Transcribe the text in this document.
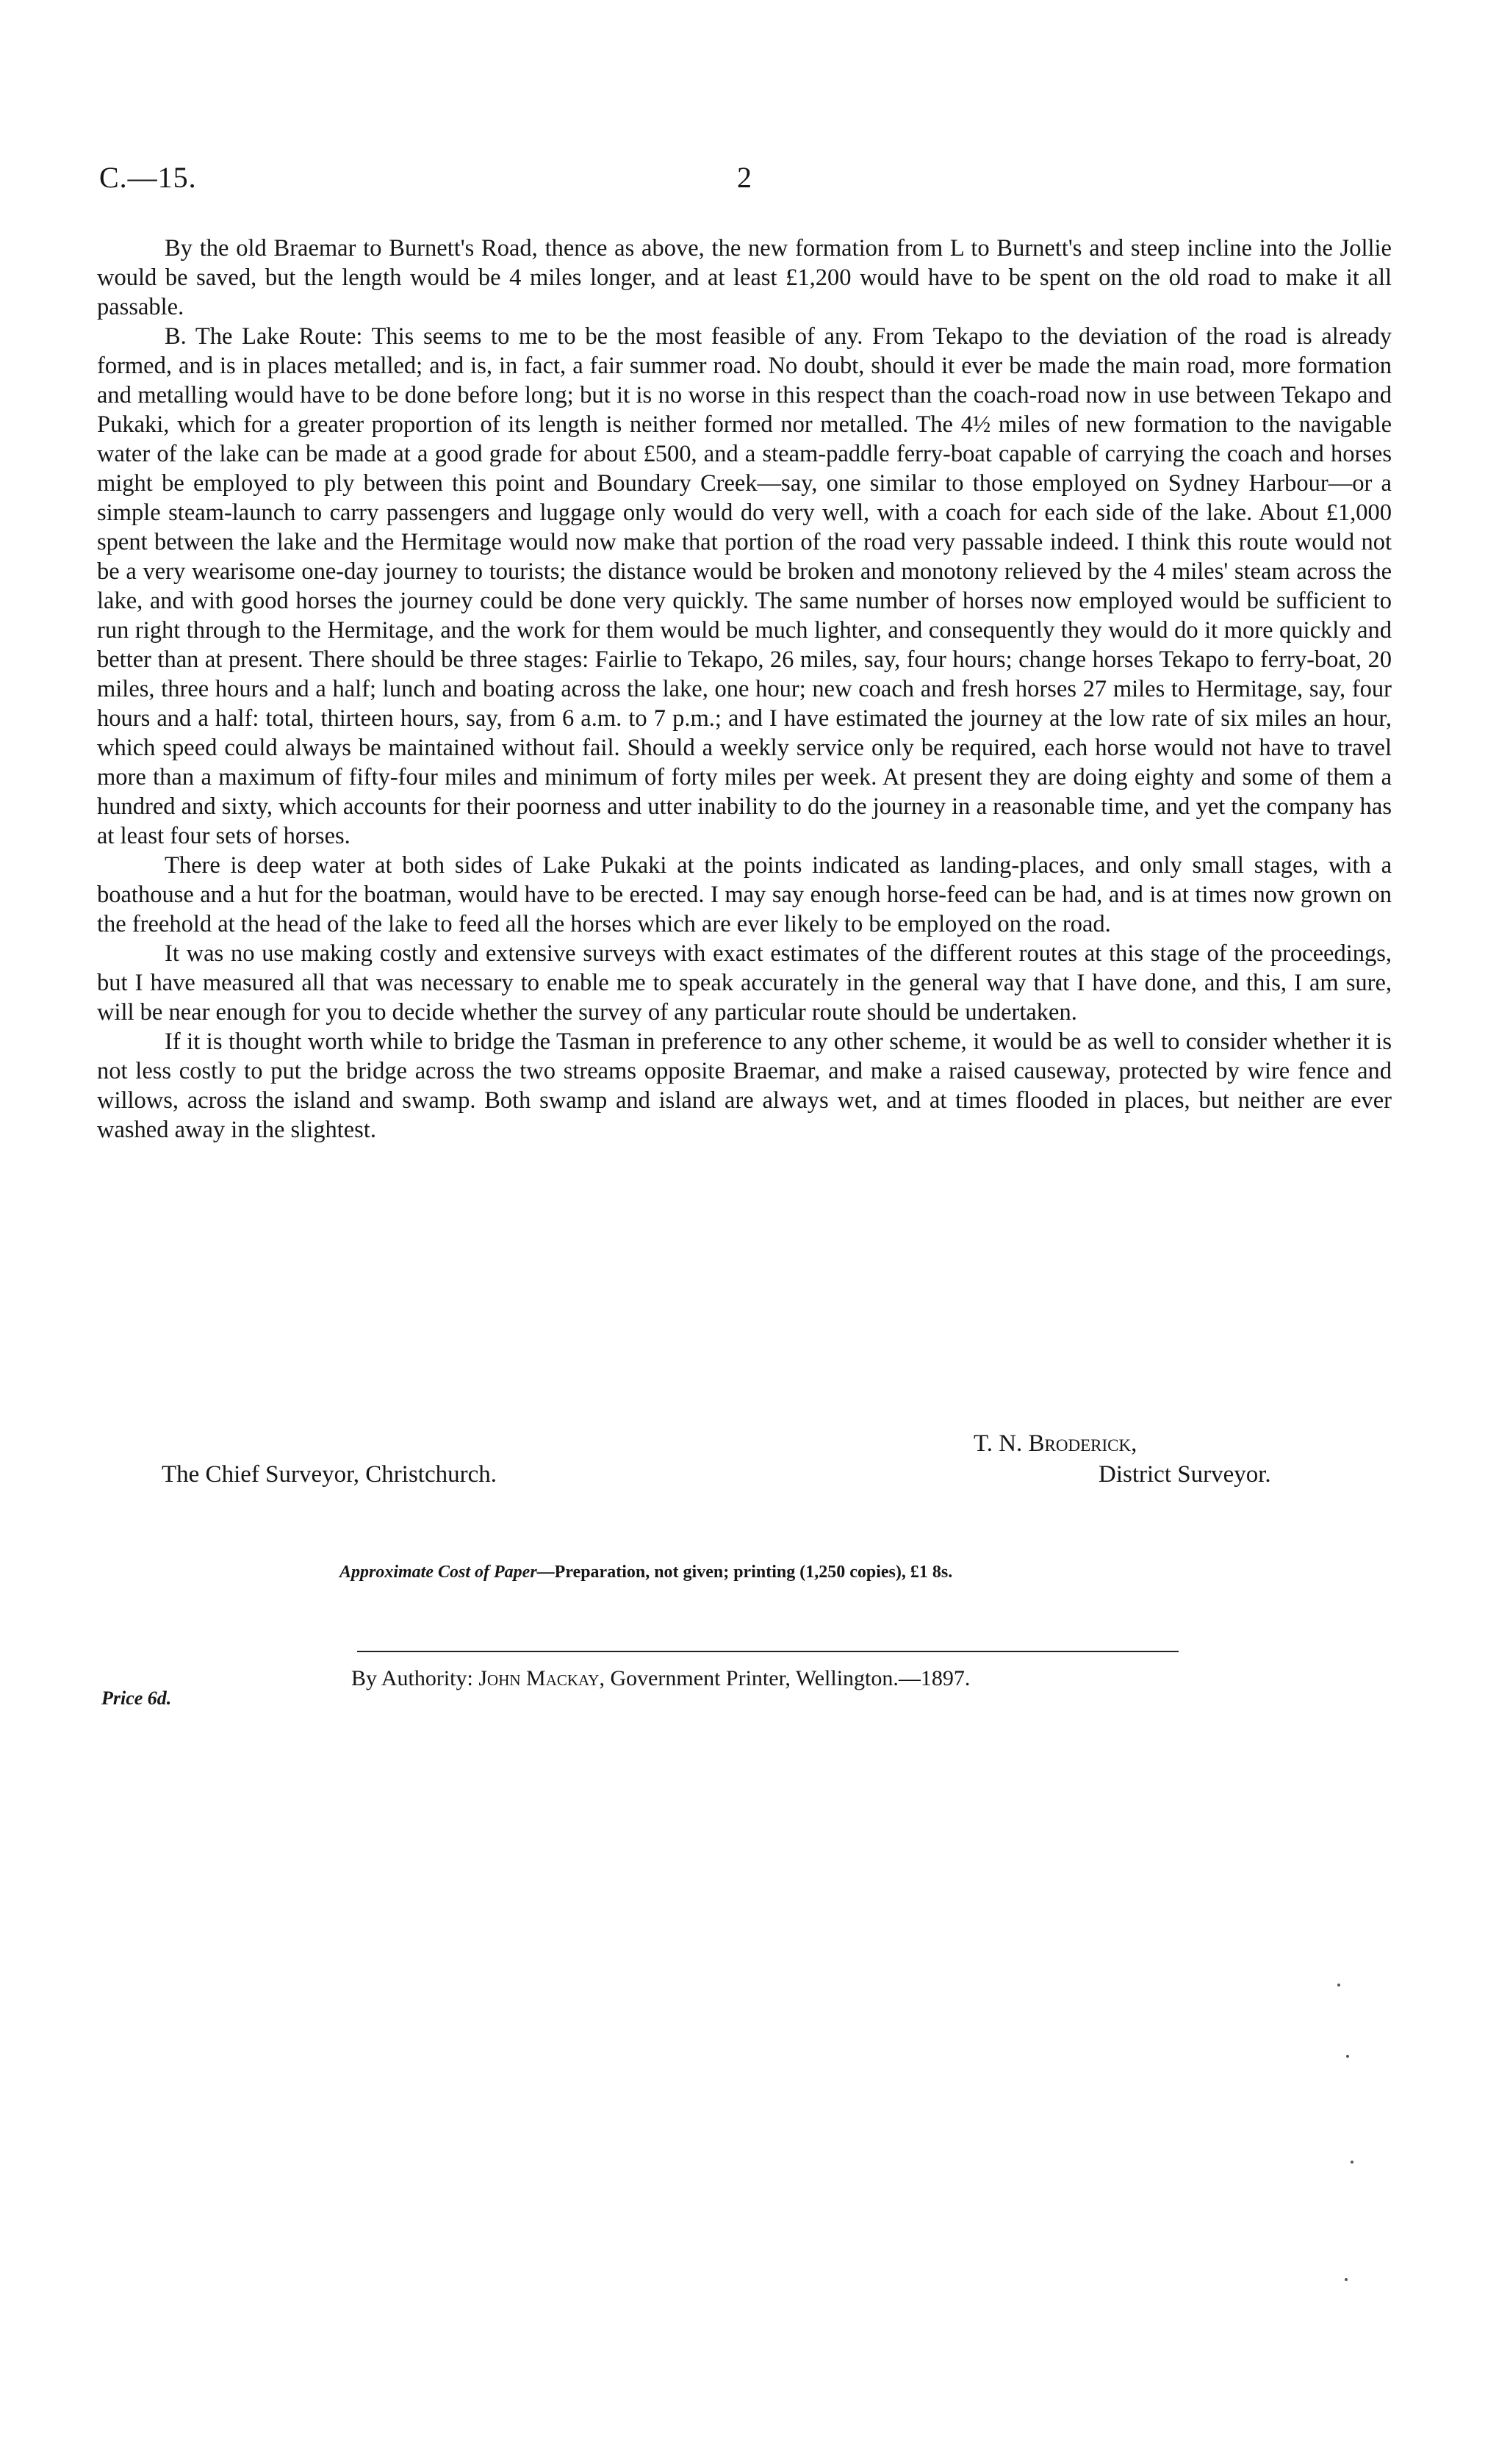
C.—15.	2

By the old Braemar to Burnett's Road, thence as above, the new formation from L to Burnett's and steep incline into the Jollie would be saved, but the length would be 4 miles longer, and at least £1,200 would have to be spent on the old road to make it all passable.

B. The Lake Route: This seems to me to be the most feasible of any. From Tekapo to the deviation of the road is already formed, and is in places metalled; and is, in fact, a fair summer road. No doubt, should it ever be made the main road, more formation and metalling would have to be done before long; but it is no worse in this respect than the coach-road now in use between Tekapo and Pukaki, which for a greater proportion of its length is neither formed nor metalled. The 4½ miles of new formation to the navigable water of the lake can be made at a good grade for about £500, and a steam-paddle ferry-boat capable of carrying the coach and horses might be employed to ply between this point and Boundary Creek—say, one similar to those employed on Sydney Harbour—or a simple steam-launch to carry passengers and luggage only would do very well, with a coach for each side of the lake. About £1,000 spent between the lake and the Hermitage would now make that portion of the road very passable indeed. I think this route would not be a very wearisome one-day journey to tourists; the distance would be broken and monotony relieved by the 4 miles' steam across the lake, and with good horses the journey could be done very quickly. The same number of horses now employed would be sufficient to run right through to the Hermitage, and the work for them would be much lighter, and consequently they would do it more quickly and better than at present. There should be three stages: Fairlie to Tekapo, 26 miles, say, four hours; change horses Tekapo to ferry-boat, 20 miles, three hours and a half; lunch and boating across the lake, one hour; new coach and fresh horses 27 miles to Hermitage, say, four hours and a half: total, thirteen hours, say, from 6 a.m. to 7 p.m.; and I have estimated the journey at the low rate of six miles an hour, which speed could always be maintained without fail. Should a weekly service only be required, each horse would not have to travel more than a maximum of fifty-four miles and minimum of forty miles per week. At present they are doing eighty and some of them a hundred and sixty, which accounts for their poorness and utter inability to do the journey in a reasonable time, and yet the company has at least four sets of horses.

There is deep water at both sides of Lake Pukaki at the points indicated as landing-places, and only small stages, with a boathouse and a hut for the boatman, would have to be erected. I may say enough horse-feed can be had, and is at times now grown on the freehold at the head of the lake to feed all the horses which are ever likely to be employed on the road.

It was no use making costly and extensive surveys with exact estimates of the different routes at this stage of the proceedings, but I have measured all that was necessary to enable me to speak accurately in the general way that I have done, and this, I am sure, will be near enough for you to decide whether the survey of any particular route should be undertaken.

If it is thought worth while to bridge the Tasman in preference to any other scheme, it would be as well to consider whether it is not less costly to put the bridge across the two streams opposite Braemar, and make a raised causeway, protected by wire fence and willows, across the island and swamp. Both swamp and island are always wet, and at times flooded in places, but neither are ever washed away in the slightest.

T. N. Broderick,
The Chief Surveyor, Christchurch.	District Surveyor.
Approximate Cost of Paper—Preparation, not given; printing (1,250 copies), £1 8s.
By Authority: John Mackay, Government Printer, Wellington.—1897.
Price 6d.
